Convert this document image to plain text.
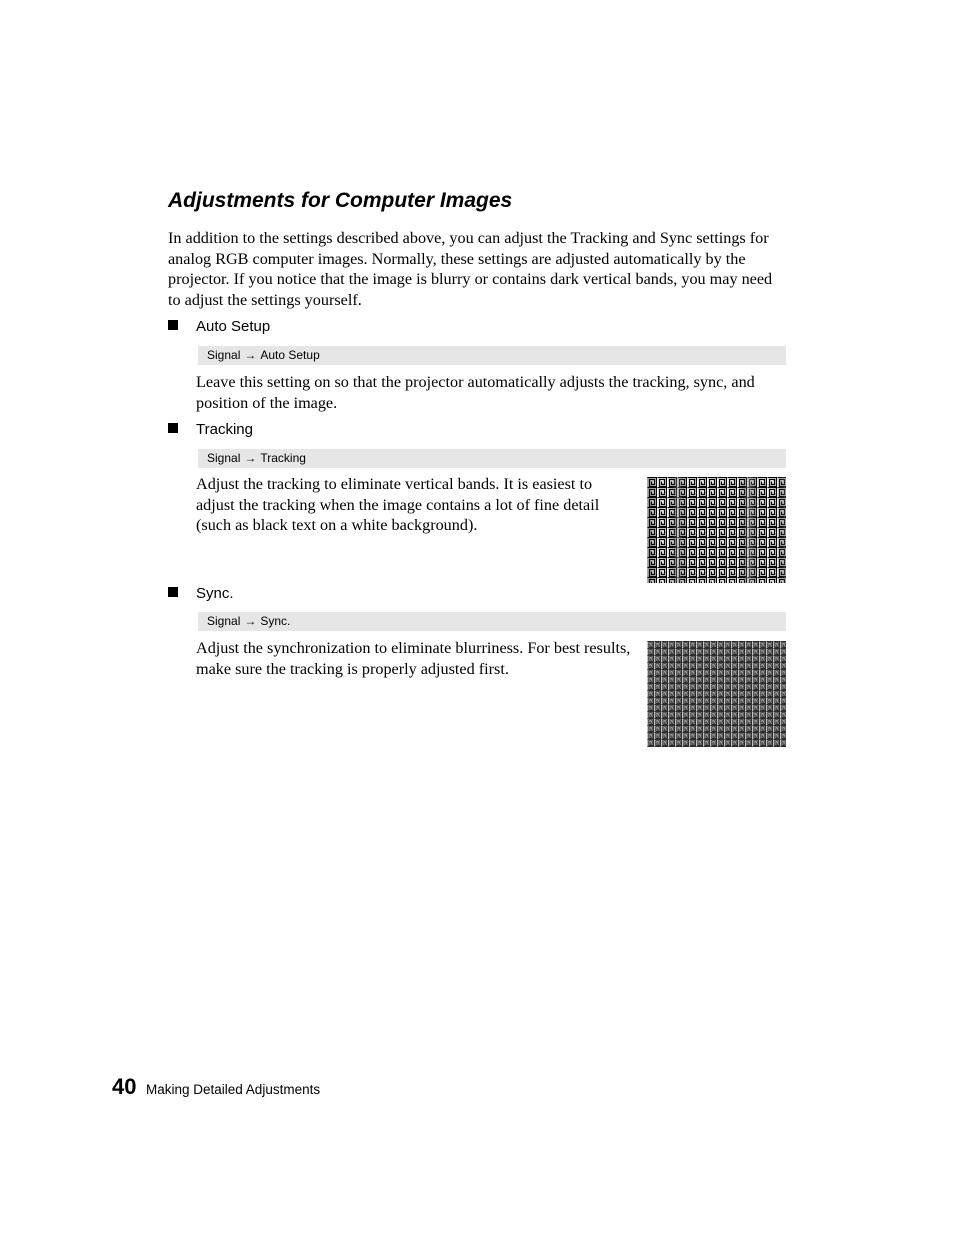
Adjustments for Computer Images

In addition to the settings described above, you can adjust the Tracking and Sync settings for analog RGB computer images. Normally, these settings are adjusted automatically by the projector. If you notice that the image is blurry or contains dark vertical bands, you may need to adjust the settings yourself.

Auto Setup
Signal → Auto Setup

Leave this setting on so that the projector automatically adjusts the tracking, sync, and position of the image.

Tracking
Signal → Tracking

Adjust the tracking to eliminate vertical bands. It is easiest to adjust the tracking when the image contains a lot of fine detail (such as black text on a white background).

Sync.
Signal → Sync.

Adjust the synchronization to eliminate blurriness. For best results, make sure the tracking is properly adjusted first.

40 Making Detailed Adjustments
